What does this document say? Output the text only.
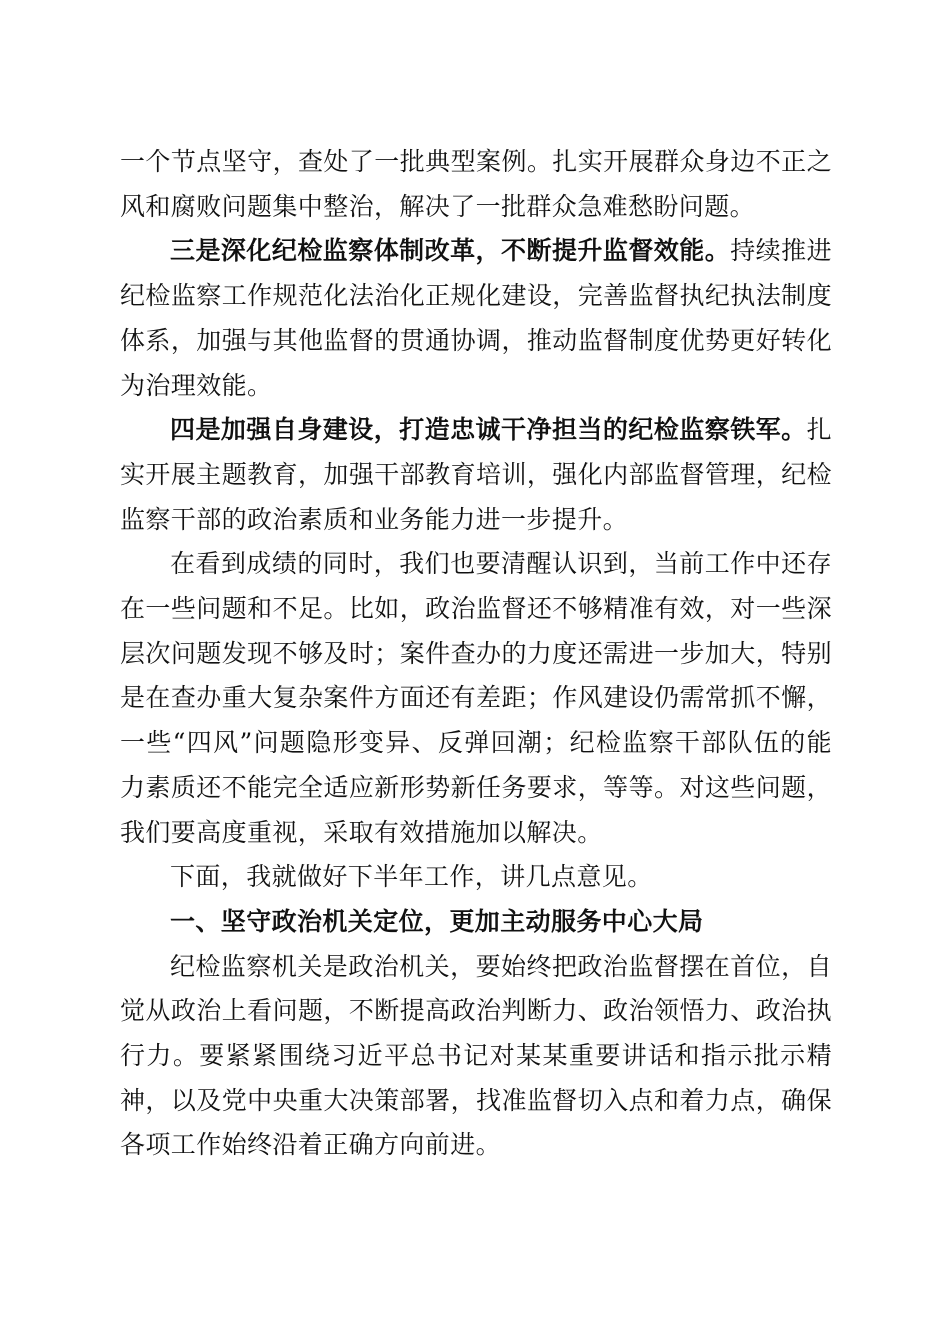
一个节点坚守，查处了一批典型案例。扎实开展群众身边不正之风和腐败问题集中整治，解决了一批群众急难愁盼问题。

三是深化纪检监察体制改革，不断提升监督效能。持续推进纪检监察工作规范化法治化正规化建设，完善监督执纪执法制度体系，加强与其他监督的贯通协调，推动监督制度优势更好转化为治理效能。

四是加强自身建设，打造忠诚干净担当的纪检监察铁军。扎实开展主题教育，加强干部教育培训，强化内部监督管理，纪检监察干部的政治素质和业务能力进一步提升。

在看到成绩的同时，我们也要清醒认识到，当前工作中还存在一些问题和不足。比如，政治监督还不够精准有效，对一些深层次问题发现不够及时；案件查办的力度还需进一步加大，特别是在查办重大复杂案件方面还有差距；作风建设仍需常抓不懈，一些“四风”问题隐形变异、反弹回潮；纪检监察干部队伍的能力素质还不能完全适应新形势新任务要求，等等。对这些问题，我们要高度重视，采取有效措施加以解决。

下面，我就做好下半年工作，讲几点意见。

一、坚守政治机关定位，更加主动服务中心大局

纪检监察机关是政治机关，要始终把政治监督摆在首位，自觉从政治上看问题，不断提高政治判断力、政治领悟力、政治执行力。要紧紧围绕习近平总书记对某某重要讲话和指示批示精神，以及党中央重大决策部署，找准监督切入点和着力点，确保各项工作始终沿着正确方向前进。
